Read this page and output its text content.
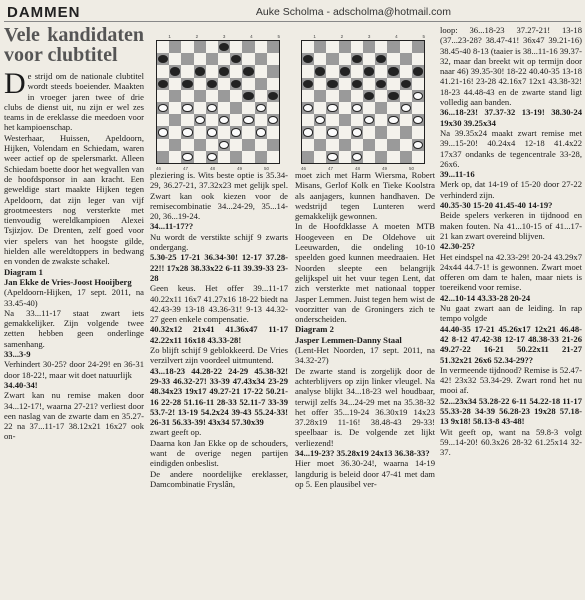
DAMMEN	Auke Scholma - adscholma@hotmail.com
Vele kandidaten voor clubtitel

De strijd om de nationale clubtitel wordt steeds boeiender. Maakten in vroeger jaren twee of drie clubs de dienst uit, nu zijn er wel zes teams in de ereklasse die meedoen voor het kampioenschap.

Westerhaar, Huissen, Apeldoorn, Hijken, Volendam en Schiedam, waren weer actief op de spelersmarkt. Alleen Schiedam boette door het wegvallen van de hoofdsponsor in aan kracht. Een geweldige start maakte Hijken tegen Apeldoorn, dat zijn leger van vijf grootmeesters nog versterkte met tienvoudig wereldkampioen Alexei Tsjizjov. De Drenten, zelf goed voor vier spelers van het hoogste gilde, hielden alle wereldtoppers in bedwang en vonden de zwakste schakel.

Diagram 1

Jan Ekke de Vries-Joost Hooijberg

(Apeldoorn-Hijken, 17 sept. 2011, na 33.45-40)

Na 33...11-17 staat zwart iets gemakkelijker. Zijn volgende twee zetten hebben geen onderlinge samenhang.

33...3-9

Verhindert 30-25? door 24-29! en 36-31 door 18-22!, maar wit doet natuurlijk

34.40-34!

Zwart kan nu remise maken door 34...12-17!, waarna 27-21? verliest door een naslag van de zwarte dam en 35.27-22 na 37...11-17 38.12x21 16x27 ook on-

1	2	3	4	5
46	47	48	49	50
1	2	3	4	5
46	47	48	49	50

pleziering is. Wits beste optie is 35.34-29, 36.27-21, 37.32x23 met gelijk spel. Zwart kan ook kiezen voor de remisecombinatie 34...24-29, 35...14-20, 36...19-24.

34...11-17??

Nu wordt de verstikte schijf 9 zwarts ondergang.

5.30-25 17-21 36.34-30! 12-17 37.28-22!! 17x28 38.33x22 6-11 39.39-33 23-28

Geen keus. Het offer 39...11-17 40.22x11 16x7 41.27x16 18-22 biedt na 42.43-39 13-18 43.36-31! 9-13 44.32-27 geen enkele compensatie.

40.32x12 21x41 41.36x47 11-17 42.22x11 16x18 43.33-28!

Zo blijft schijf 9 geblokkeerd. De Vries verzilvert zijn voordeel uitmuntend.

43...18-23 44.28-22 24-29 45.38-32! 29-33 46.32-27! 33-39 47.43x34 23-29 48.34x23 19x17 49.27-21 17-22 50.21-16 22-28 51.16-11 28-33 52.11-7 33-39 53.7-2! 13-19 54.2x24 39-43 55.24-33! 26-31 56.33-39! 43x34 57.30x39

zwart geeft op.

Daarna kon Jan Ekke op de schouders, want de overige negen partijen eindigden onbeslist.

De andere noordelijke ereklasser, Damcombinatie Fryslân,

moet zich met Harm Wiersma, Robert Misans, Gerlof Kolk en Tieke Koolstra als aanjagers, kunnen handhaven. De wedstrijd tegen Lunteren werd gemakkelijk gewonnen.

In de Hoofdklasse A moeten MTB Hoogeveen en De Oldehove uit Leeuwarden, die ondeling 10-10 speelden goed kunnen meedraaien. Het Noorden sleepte een belangrijk gelijkspel uit het vuur tegen Lent, dat zich versterkte met nationaal topper Jasper Lemmen. Juist tegen hem wist de voorzitter van de Groningers zich te onderscheiden.

Diagram 2

Jasper Lemmen-Danny Staal

(Lent-Het Noorden, 17 sept. 2011, na 34.32-27)

De zwarte stand is zorgelijk door de achterblijvers op zijn linker vleugel. Na analyse blijkt 34...18-23 wel houdbaar, terwijl zelfs 34...24-29 met na 35.38-32 het offer 35...19-24 36.30x19 14x23 37.28x19 11-16! 38.48-43 29-33! speelbaar is. De volgende zet lijkt verliezend!

34...19-23? 35.28x19 24x13 36.38-33?

Hier moet 36.30-24!, waarna 14-19 langdurig is beleid door 47-41 met dam op 5. Een plausibel ver-

loop: 36...18-23 37.27-21! 13-18 (37...23-28? 38.47-41! 36x47 39.21-16) 38.45-40 8-13 (taaier is 38...11-16 39.37-32, maar dan breekt wit op termijn door naar 46) 39.35-30! 18-22 40.40-35 13-18 41.21-16! 23-28 42.16x7 12x1 43.38-32! 18-23 44.48-43 en de zwarte stand ligt volledig aan banden.

36...18-23! 37.37-32 13-19! 38.30-24 19x30 39.25x34

Na 39.35x24 maakt zwart remise met 39...15-20! 40.24x4 12-18 41.4x22 17x37 ondanks de tegencentrale 33-28, 26x6.

39...11-16

Merk op, dat 14-19 of 15-20 door 27-22 verhinderd zijn.

40.35-30 15-20 41.45-40 14-19?

Beide spelers verkeren in tijdnood en maken fouten. Na 41...10-15 of 41...17-21 kan zwart overeind blijven.

42.30-25?

Het eindspel na 42.33-29! 20-24 43.29x7 24x44 44.7-1! is gewonnen. Zwart moet offeren om dam te halen, maar niets is toereikend voor remise.

42...10-14 43.33-28 20-24

Nu gaat zwart aan de leiding. In rap tempo volgde

44.40-35 17-21 45.26x17 12x21 46.48-42 8-12 47.42-38 12-17 48.38-33 21-26 49.27-22 16-21 50.22x11 21-27 51.32x21 26x6 52.34-29??

In vermeende tijdnood? Remise is 52.47-42! 23x32 53.34-29. Zwart rond het nu mooi af.

52...23x34 53.28-22 6-11 54.22-18 11-17 55.33-28 34-39 56.28-23 19x28 57.18-13 9x18! 58.13-8 43-48!

Wit geeft op, want na 59.8-3 volgt 59...14-20! 60.3x26 28-32 61.25x14 32-37.
